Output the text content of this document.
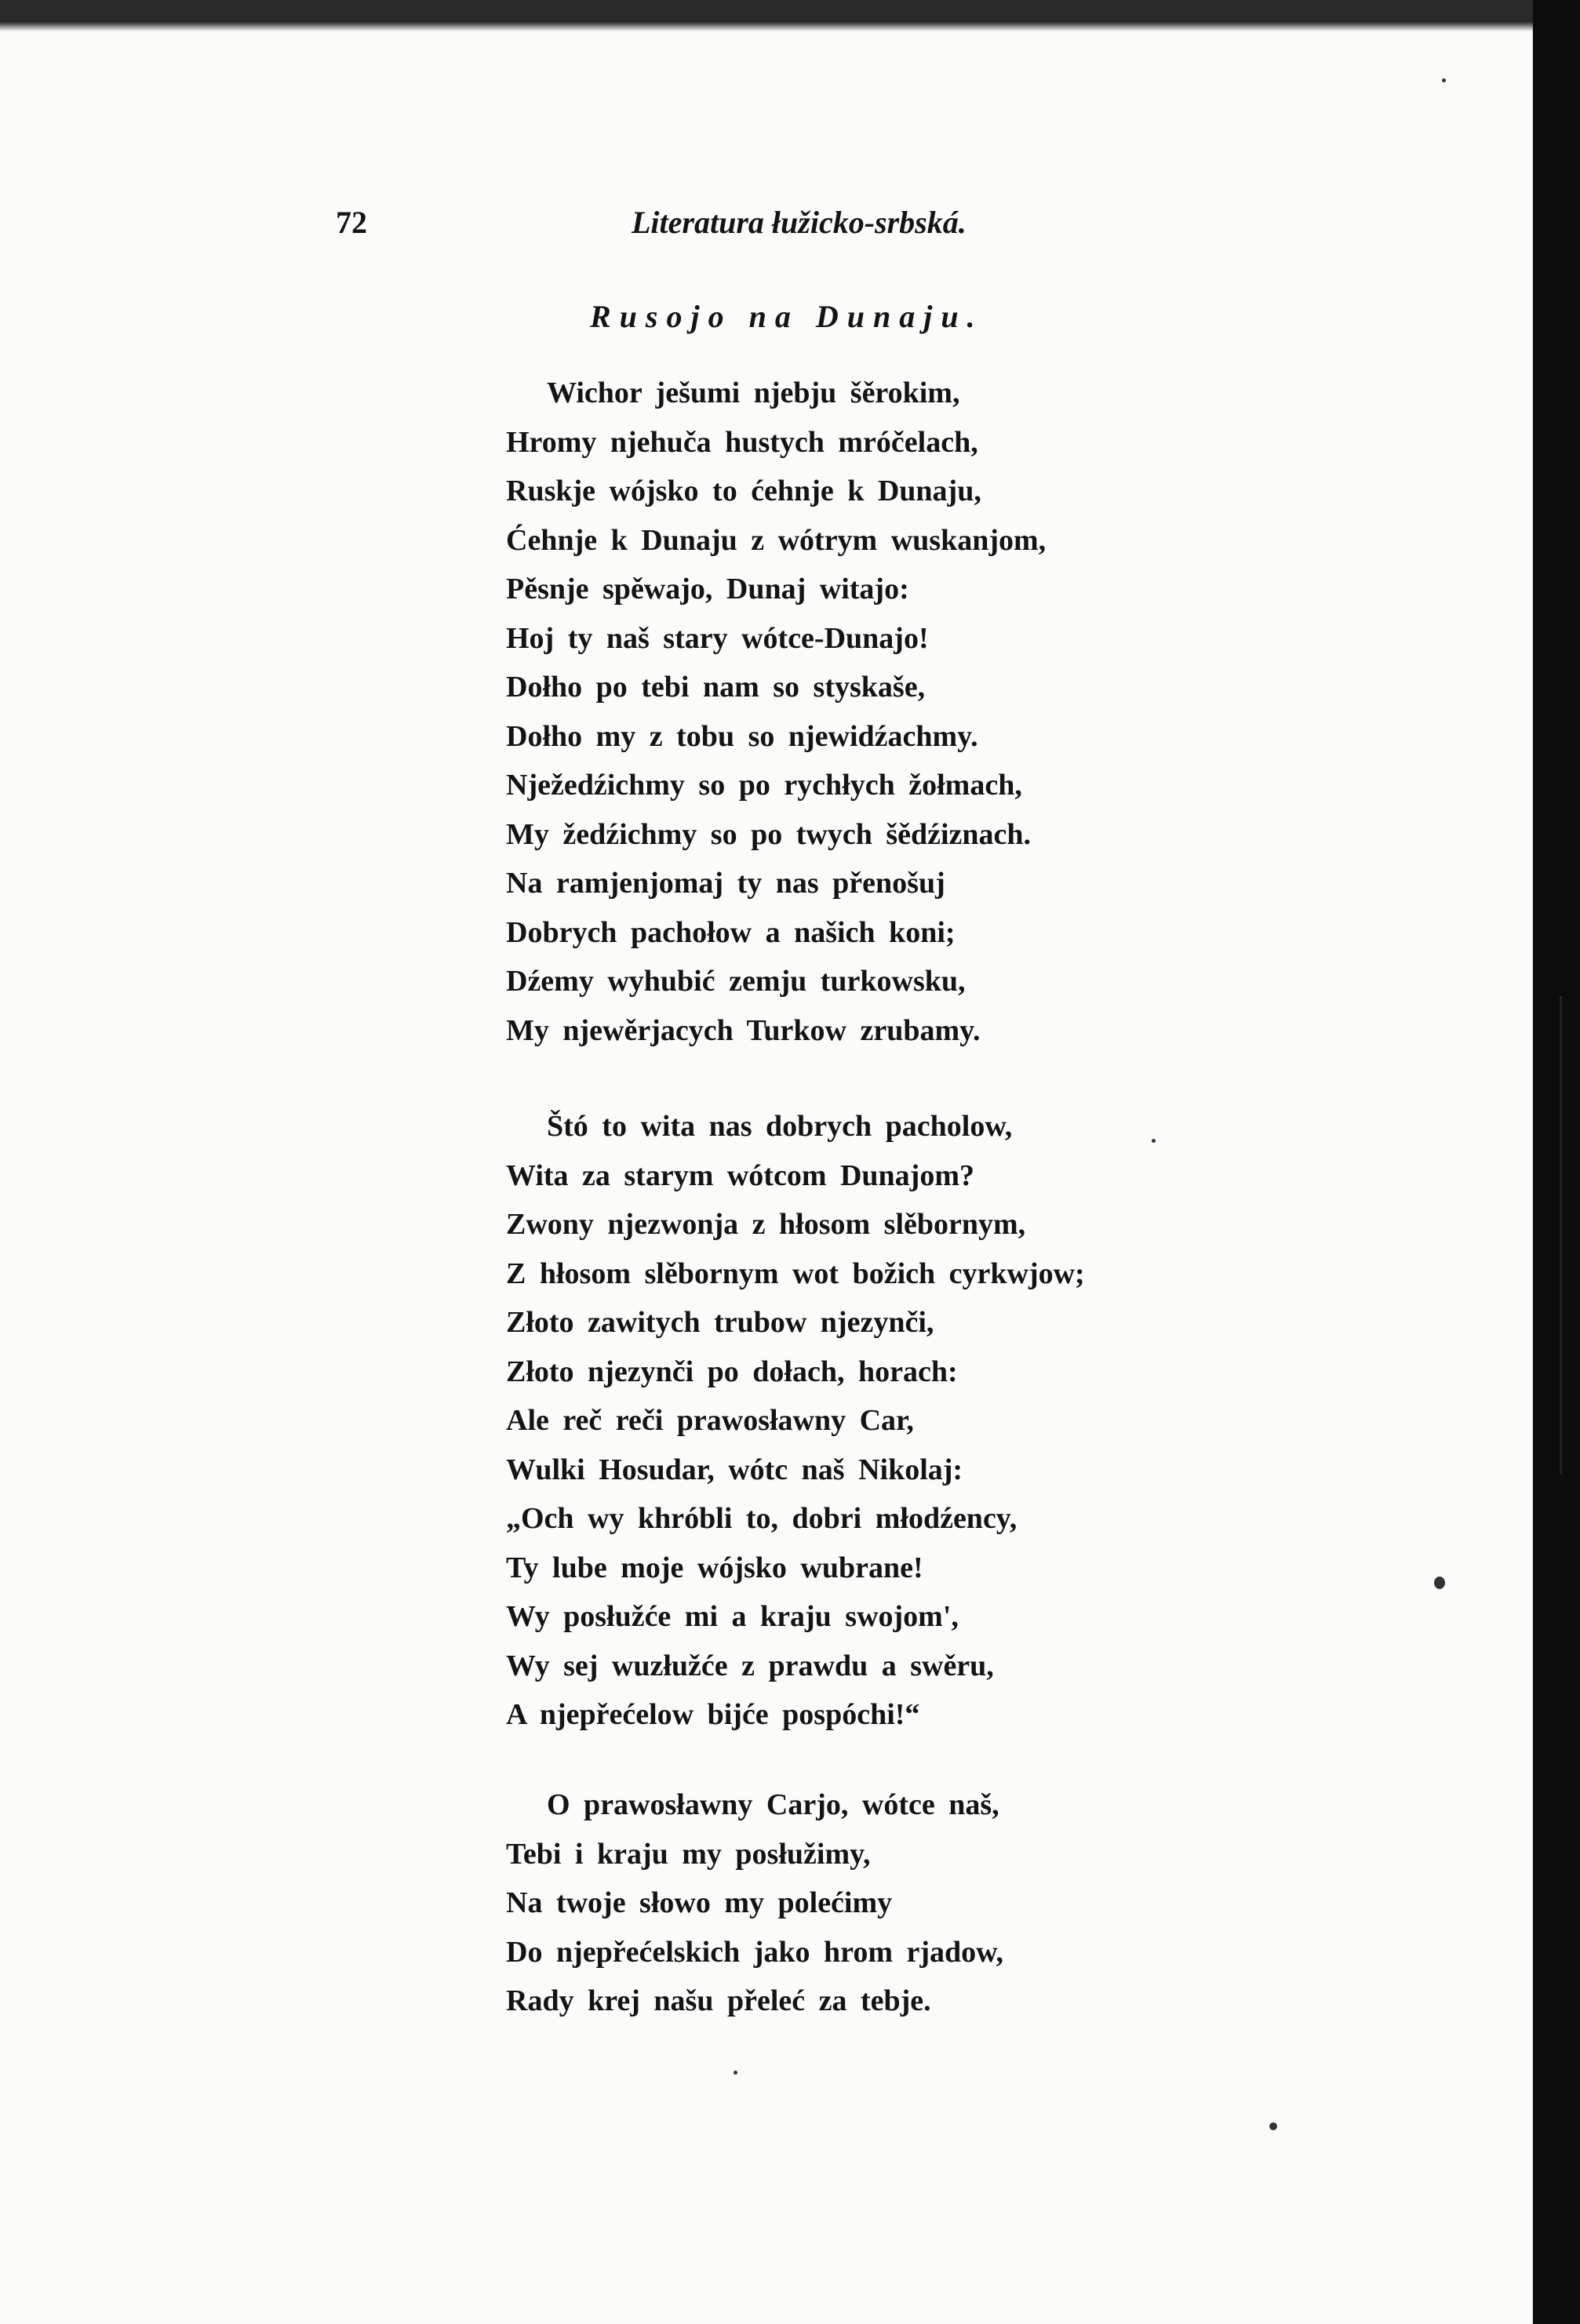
72	Literatura łužicko-srbská.
Rusojo na Dunaju.
Wichor ješumi njebju šěrokim,
Hromy njehuča hustych mróčelach,
Ruskje wójsko to ćehnje k Dunaju,
Ćehnje k Dunaju z wótrym wuskanjom,
Pěsnje spěwajo, Dunaj witajo:
Hoj ty naš stary wótce-Dunajo!
Dołho po tebi nam so styskaše,
Dołho my z tobu so njewidźachmy.
Nježedźichmy so po rychłych žołmach,
My žedźichmy so po twych šědźiznach.
Na ramjenjomaj ty nas přenošuj
Dobrych pachołow a našich koni;
Dźemy wyhubić zemju turkowsku,
My njewěrjacych Turkow zrubamy.
Štó to wita nas dobrych pacholow,
Wita za starym wótcom Dunajom?
Zwony njezwonja z hłosom slěbornym,
Z hłosom slěbornym wot božich cyrkwjow;
Złoto zawitych trubow njezynči,
Złoto njezynči po dołach, horach:
Ale reč reči prawosławny Car,
Wulki Hosudar, wótc naš Nikolaj:
„Och wy khróbli to, dobri młodźency,
Ty lube moje wójsko wubrane!
Wy posłužće mi a kraju swojom',
Wy sej wuzłužće z prawdu a swěru,
A njepřećelow bijće pospóchi!“
O prawosławny Carjo, wótce naš,
Tebi i kraju my posłužimy,
Na twoje słowo my polećimy
Do njepřećelskich jako hrom rjadow,
Rady krej našu přeleć za tebje.
